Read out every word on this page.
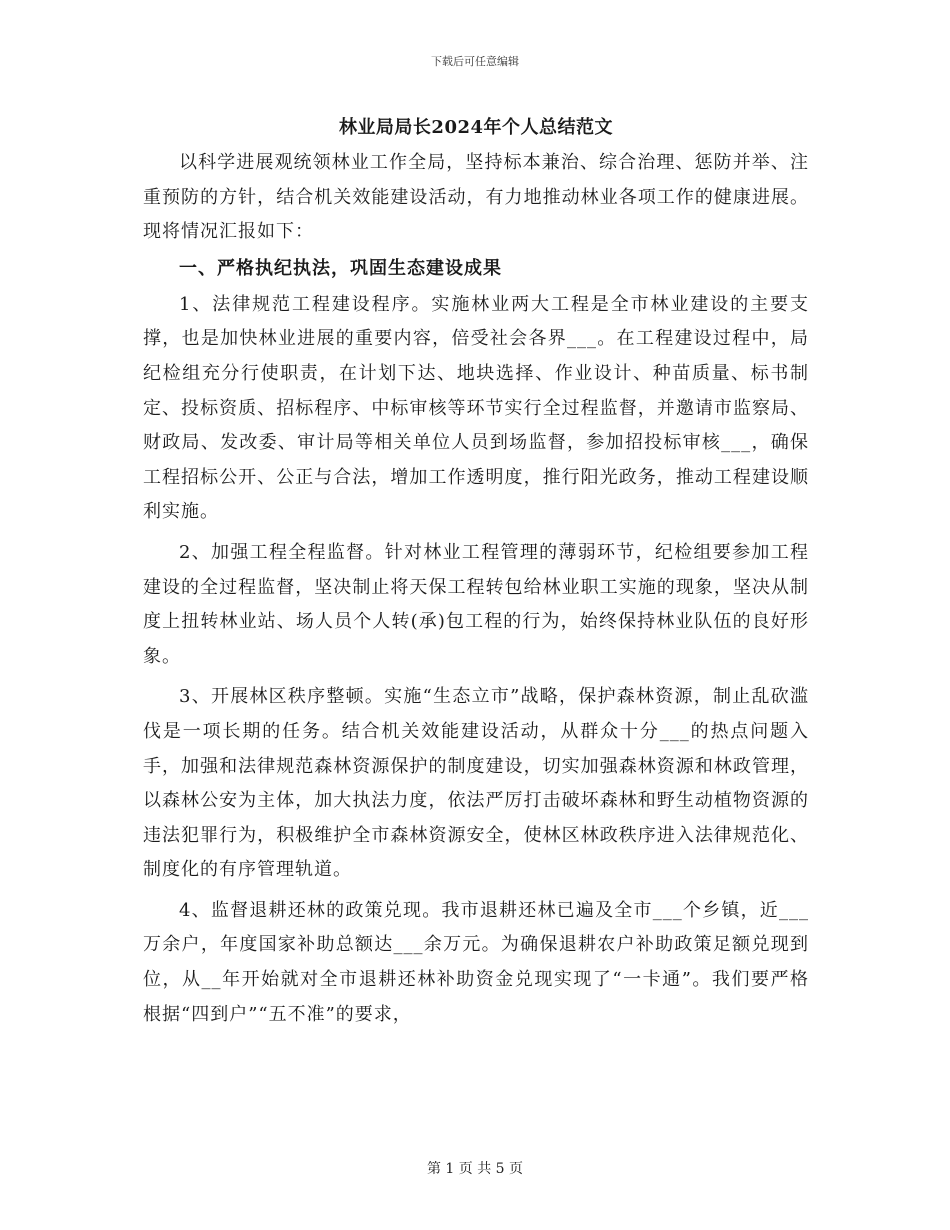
下载后可任意编辑
林业局局长2024年个人总结范文

以科学进展观统领林业工作全局，坚持标本兼治、综合治理、惩防并举、注重预防的方针，结合机关效能建设活动，有力地推动林业各项工作的健康进展。现将情况汇报如下：

一、严格执纪执法，巩固生态建设成果

1、法律规范工程建设程序。实施林业两大工程是全市林业建设的主要支撑，也是加快林业进展的重要内容，倍受社会各界___。在工程建设过程中，局纪检组充分行使职责，在计划下达、地块选择、作业设计、种苗质量、标书制定、投标资质、招标程序、中标审核等环节实行全过程监督，并邀请市监察局、财政局、发改委、审计局等相关单位人员到场监督，参加招投标审核___，确保工程招标公开、公正与合法，增加工作透明度，推行阳光政务，推动工程建设顺利实施。

2、加强工程全程监督。针对林业工程管理的薄弱环节，纪检组要参加工程建设的全过程监督，坚决制止将天保工程转包给林业职工实施的现象，坚决从制度上扭转林业站、场人员个人转(承)包工程的行为，始终保持林业队伍的良好形象。

3、开展林区秩序整顿。实施“生态立市”战略，保护森林资源，制止乱砍滥伐是一项长期的任务。结合机关效能建设活动，从群众十分___的热点问题入手，加强和法律规范森林资源保护的制度建设，切实加强森林资源和林政管理，以森林公安为主体，加大执法力度，依法严厉打击破坏森林和野生动植物资源的违法犯罪行为，积极维护全市森林资源安全，使林区林政秩序进入法律规范化、制度化的有序管理轨道。

4、监督退耕还林的政策兑现。我市退耕还林已遍及全市___个乡镇，近___万余户，年度国家补助总额达___余万元。为确保退耕农户补助政策足额兑现到位，从__年开始就对全市退耕还林补助资金兑现实现了“一卡通”。我们要严格根据“四到户”“五不准”的要求，

第 1 页 共 5 页
